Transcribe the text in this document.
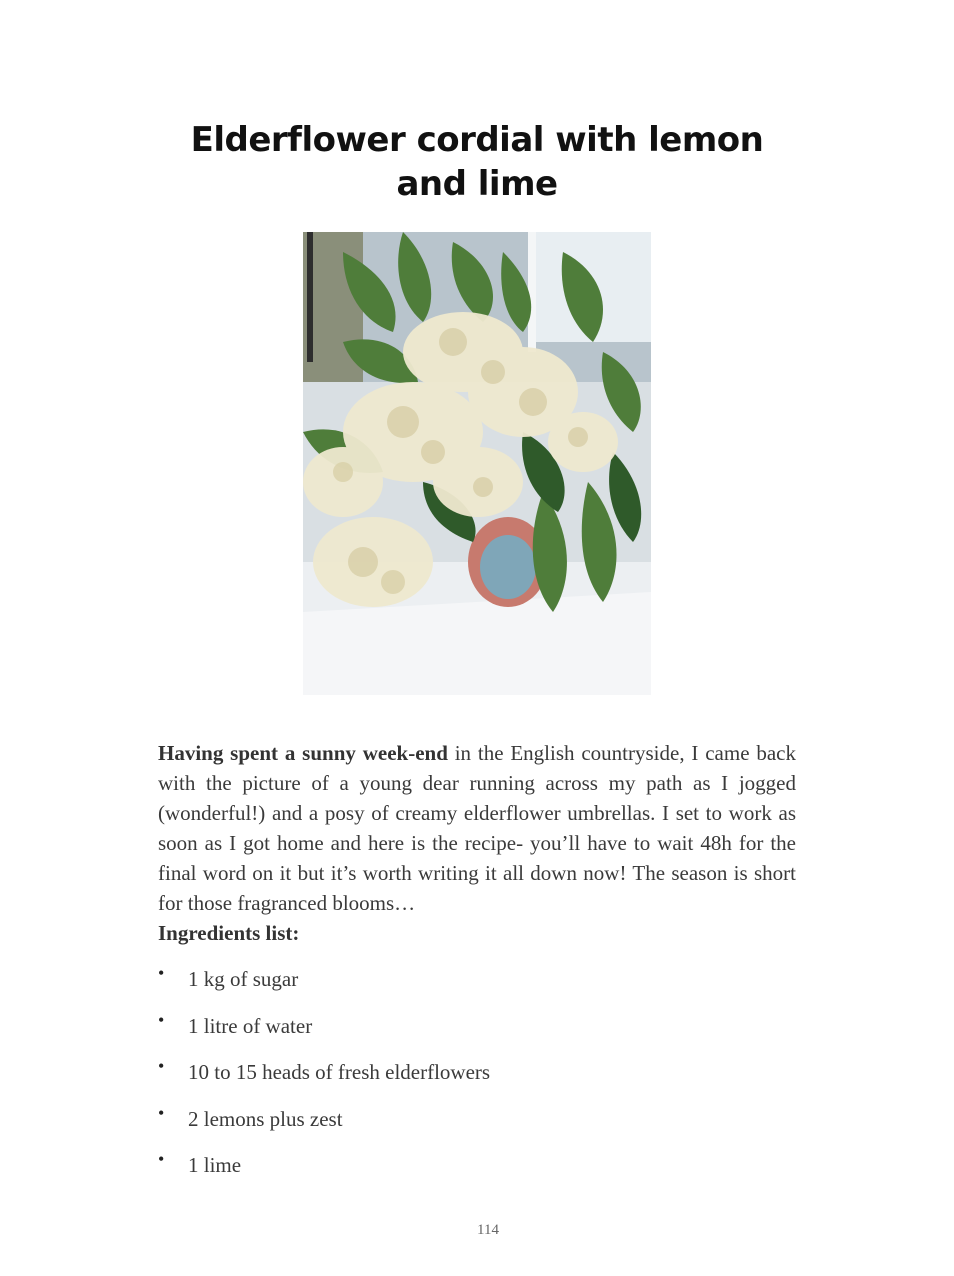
Elderflower cordial with lemon and lime

Having spent a sunny week-end in the English countryside, I came back with the picture of a young dear running across my path as I jogged (wonderful!) and a posy of creamy elderflower umbrellas. I set to work as soon as I got home and here is the recipe- you’ll have to wait 48h for the final word on it but it’s worth writing it all down now! The season is short for those fragranced blooms…

Ingredients list:
• 1 kg of sugar
• 1 litre of water
• 10 to 15 heads of fresh elderflowers
• 2 lemons plus zest
• 1 lime
114
